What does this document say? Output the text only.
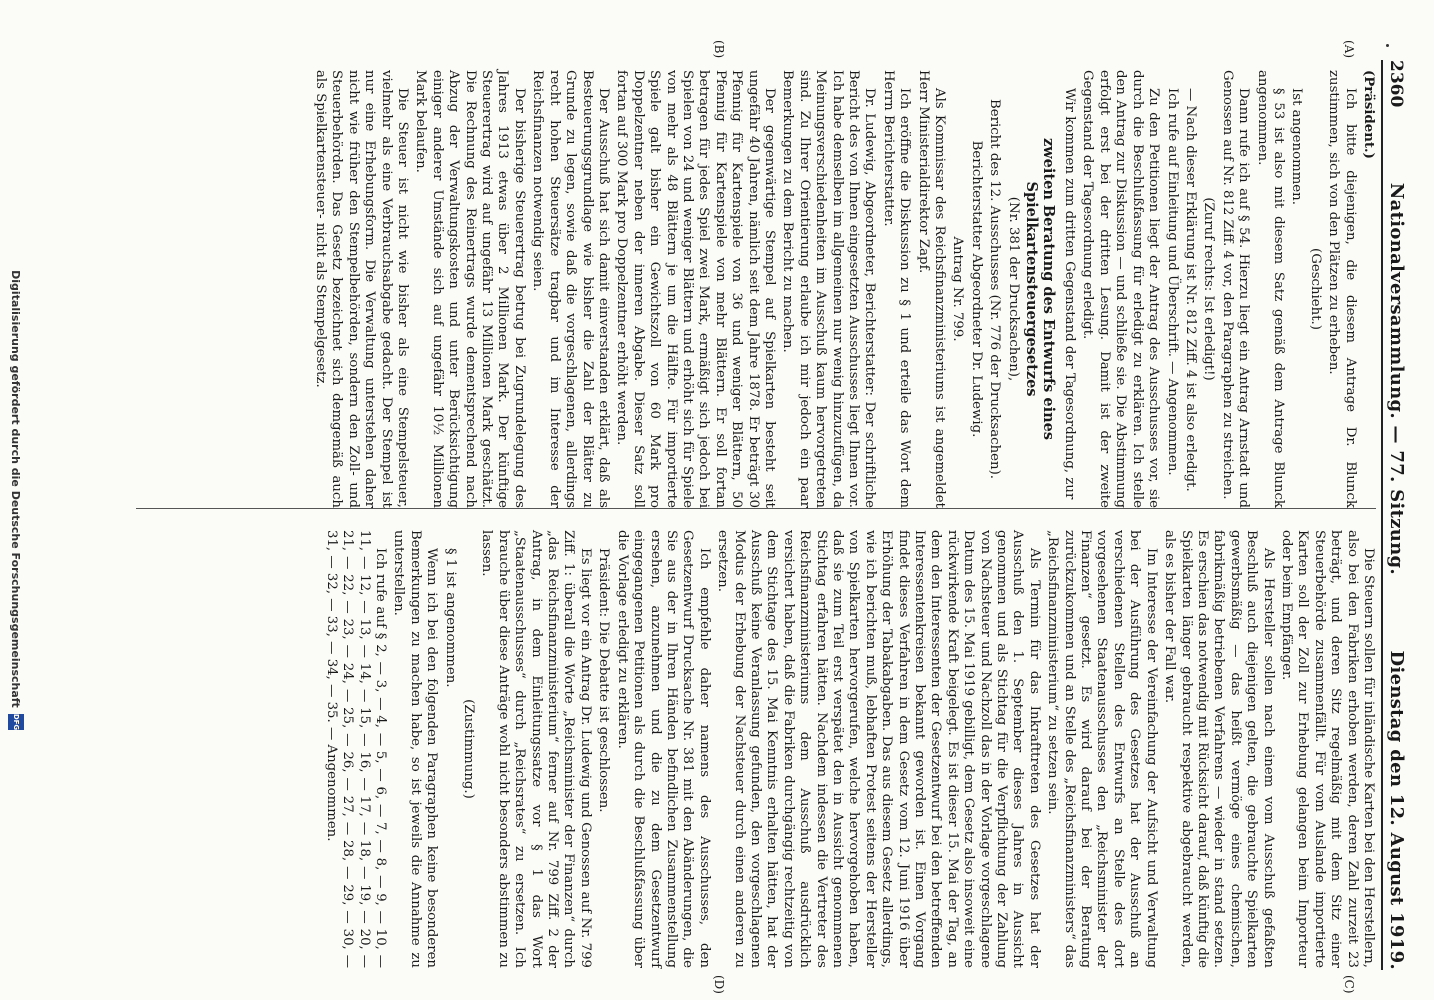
2360
Nationalversammlung. — 77. Sitzung.
Dienstag den 12. August 1919.
(A)
(B)
(C)
(D)

(Präsident.)

Ich bitte diejenigen, die diesem Antrage Dr. Blunck zustimmen, sich von den Plätzen zu erheben.

(Geschieht.)

Ist angenommen.

§ 53 ist also mit diesem Satz gemäß dem Antrage Blunck angenommen.

Dann rufe ich auf § 54. Hierzu liegt ein Antrag Arnstadt und Genossen auf Nr. 812 Ziff. 4 vor, den Paragraphen zu streichen.

(Zuruf rechts: Ist erledigt!)

— Nach dieser Erklärung ist Nr. 812 Ziff. 4 ist also erledigt.

Ich rufe auf Einleitung und Überschrift. — Angenommen.

Zu den Petitionen liegt der Antrag des Ausschusses vor, sie durch die Beschlußfassung für erledigt zu erklären. Ich stelle den Antrag zur Diskussion — und schließe sie. Die Abstimmung erfolgt erst bei der dritten Lesung. Damit ist der zweite Gegenstand der Tagesordnung erledigt.

Wir kommen zum dritten Gegenstand der Tagesordnung, zur

zweiten Beratung des Entwurfs eines Spielkartensteuergesetzes

(Nr. 381 der Drucksachen),

Bericht des 12. Ausschusses (Nr. 776 der Drucksachen).

Berichterstatter Abgeordneter Dr. Ludewig.

Antrag Nr. 799.

Als Kommissar des Reichsfinanzministeriums ist angemeldet Herr Ministerialdirektor Zapf.

Ich eröffne die Diskussion zu § 1 und erteile das Wort dem Herrn Berichterstatter.

Dr. Ludewig, Abgeordneter, Berichterstatter: Der schriftliche Bericht des von Ihnen eingesetzten Ausschusses liegt Ihnen vor. Ich habe demselben im allgemeinen nur wenig hinzuzufügen, da Meinungsverschiedenheiten im Ausschuß kaum hervorgetreten sind. Zu Ihrer Orientierung erlaube ich mir jedoch ein paar Bemerkungen zu dem Bericht zu machen.

Der gegenwärtige Stempel auf Spielkarten besteht seit ungefähr 40 Jahren, nämlich seit dem Jahre 1878. Er beträgt 30 Pfennig für Kartenspiele von 36 und weniger Blättern, 50 Pfennig für Kartenspiele von mehr Blättern. Er soll fortan betragen für jedes Spiel zwei Mark, ermäßigt sich jedoch bei Spielen von 24 und weniger Blättern und erhöht sich für Spiele von mehr als 48 Blättern je um die Hälfte. Für importierte Spiele galt bisher ein Gewichtszoll von 60 Mark pro Doppelzentner neben der inneren Abgabe. Dieser Satz soll fortan auf 300 Mark pro Doppelzentner erhöht werden.

Der Ausschuß hat sich damit einverstanden erklärt, daß als Besteuerungsgrundlage wie bisher die Zahl der Blätter zu Grunde zu legen, sowie daß die vorgeschlagenen, allerdings recht hohen Steuersätze tragbar und im Interesse der Reichsfinanzen notwendig seien.

Der bisherige Steuerertrag betrug bei Zugrundelegung des Jahres 1913 etwas über 2 Millionen Mark. Der künftige Steuerertrag wird auf ungefähr 13 Millionen Mark geschätzt. Die Rechnung des Reinertrags wurde dementsprechend nach Abzug der Verwaltungskosten und unter Berücksichtigung einiger anderer Umstände sich auf ungefähr 10½ Millionen Mark belaufen.

Die Steuer ist nicht wie bisher als eine Stempelsteuer, vielmehr als eine Verbrauchsabgabe gedacht. Der Stempel ist nur eine Erhebungsform. Die Verwaltung unterstehen daher nicht wie früher den Stempelbehörden, sondern den Zoll- und Steuerbehörden. Das Gesetz bezeichnet sich demgemäß auch als Spielkartensteuer- nicht als Stempelgesetz.

Die Steuern sollen für inländische Karten bei den Herstellern, also bei den Fabriken erhoben werden, deren Zahl zurzeit 23 beträgt, und deren Sitz regelmäßig mit dem Sitz einer Steuerbehörde zusammenfällt. Für vom Auslande importierte Karten soll der Zoll zur Erhebung gelangen beim Importeur oder beim Empfänger.

Als Hersteller sollen nach einem vom Ausschuß gefaßten Beschluß auch diejenigen gelten, die gebrauchte Spielkarten gewerbsmäßig — das heißt vermöge eines chemischen, fabrikmäßig betriebenen Verfahrens — wieder in stand setzen. Es erschien das notwendig mit Rücksicht darauf, daß künftig die Spielkarten länger gebraucht respektive abgebraucht werden, als es bisher der Fall war.

Im Interesse der Vereinfachung der Aufsicht und Verwaltung bei der Ausführung des Gesetzes hat der Ausschuß an verschiedenen Stellen des Entwurfs an Stelle des dort vorgesehenen Staatenausschusses den „Reichsminister der Finanzen“ gesetzt. Es wird darauf bei der Beratung zurückzukommen und an Stelle des „Reichsfinanzministers“ das „Reichsfinanzministerium“ zu setzen sein.

Als Termin für das Inkrafttreten des Gesetzes hat der Ausschuß den 1. September dieses Jahres in Aussicht genommen und als Stichtag für die Verpflichtung der Zahlung von Nachsteuer und Nachzoll das in der Vorlage vorgeschlagene Datum des 15. Mai 1919 gebilligt, dem Gesetz also insoweit eine rückwirkende Kraft beigelegt. Es ist dieser 15. Mai der Tag, an dem den Interessenten der Gesetzentwurf bei den betreffenden Interessentenkreisen bekannt geworden ist. Einen Vorgang findet dieses Verfahren in dem Gesetz vom 12. Juni 1916 über Erhöhung der Tabakabgaben. Das aus diesem Gesetz allerdings, wie ich berichten muß, lebhaften Protest seitens der Hersteller von Spielkarten hervorgerufen, welche hervorgehoben haben, daß sie zum Teil erst verspätet den in Aussicht genommenen Stichtag erfahren hätten. Nachdem indessen die Vertreter des Reichsfinanzministeriums dem Ausschuß ausdrücklich versichert haben, daß die Fabriken durchgängig rechtzeitig von dem Stichtage des 15. Mai Kenntnis erhalten hätten, hat der Ausschuß keine Veranlassung gefunden, den vorgeschlagenen Modus der Erhebung der Nachsteuer durch einen anderen zu ersetzen.

Ich empfehle daher namens des Ausschusses, den Gesetzentwurf Drucksache Nr. 381 mit den Abänderungen, die Sie aus der in Ihren Händen befindlichen Zusammenstellung ersehen, anzunehmen und die zu dem Gesetzentwurf eingegangenen Petitionen als durch die Beschlußfassung über die Vorlage erledigt zu erklären.

Präsident: Die Debatte ist geschlossen.

Es liegt vor ein Antrag Dr. Ludewig und Genossen auf Nr. 799 Ziff. 1: überall die Worte „Reichsminister der Finanzen“ durch „das Reichsfinanzministerium“ ferner auf Nr. 799 Ziff. 2 der Antrag, in dem Einleitungssatze vor § 1 das Wort „Staatenausschusses“ durch „Reichsrates“ zu ersetzen. Ich brauche über diese Anträge wohl nicht besonders abstimmen zu lassen.

(Zustimmung.)

§ 1 ist angenommen.

Wenn ich bei den folgenden Paragraphen keine besonderen Bemerkungen zu machen habe, so ist jeweils die Annahme zu unterstellen.

Ich rufe auf § 2, — 3, — 4, — 5, — 6, — 7, — 8, — 9, — 10, — 11, — 12, — 13, — 14, — 15, — 16, — 17, — 18, — 19, — 20, — 21, — 22, — 23, — 24, — 25, — 26, — 27, — 28, — 29, — 30, — 31, — 32, — 33, — 34, — 35. — Angenommen.

Digitalisierung gefördert durch die Deutsche Forschungsgemeinschaft
DFG
